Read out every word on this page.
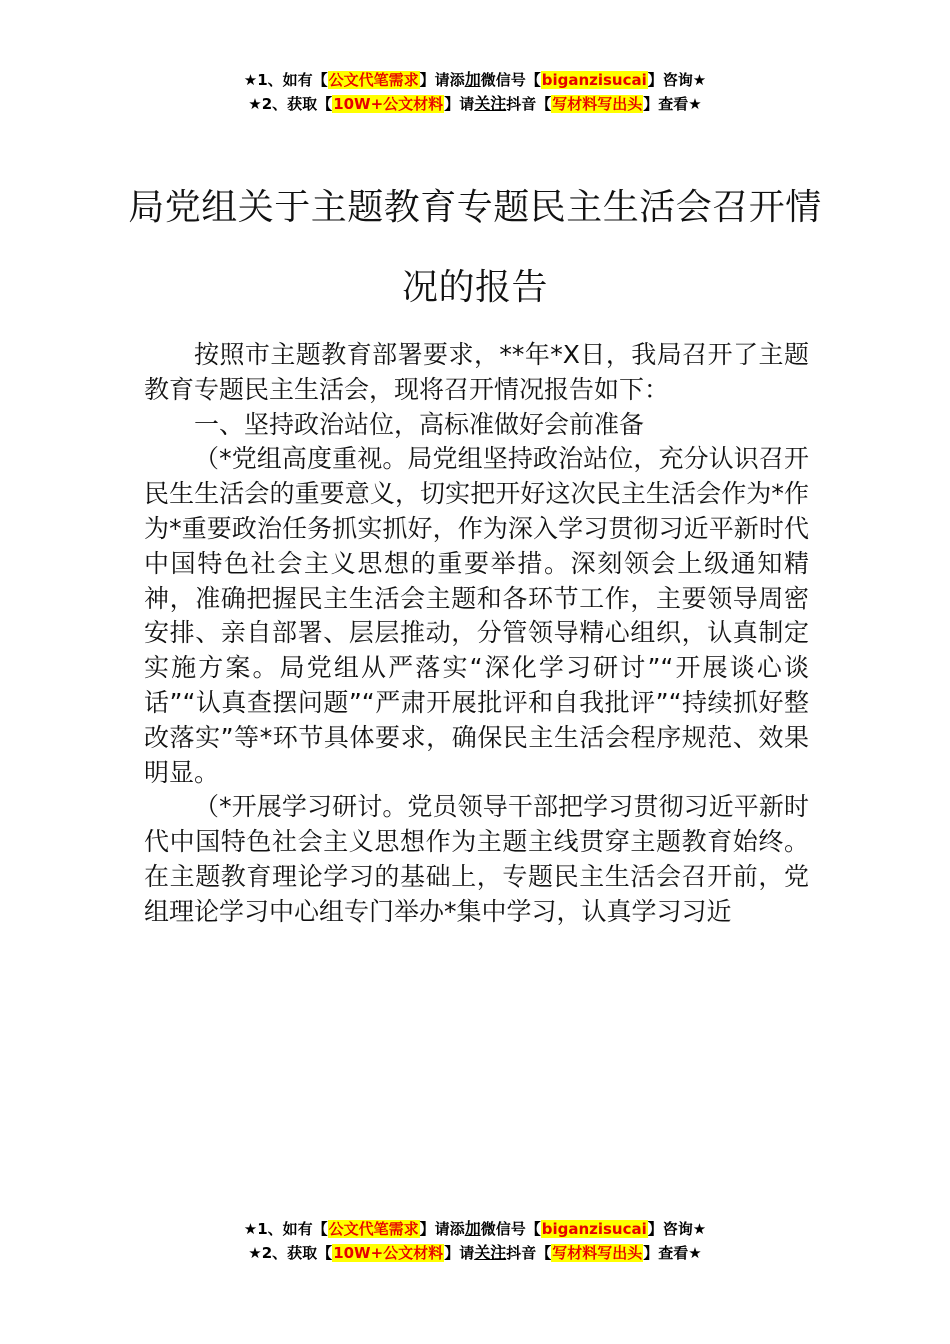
★1、如有【公文代笔需求】请添加微信号【biganzisucai】咨询★
★2、获取【10W+公文材料】请关注抖音【写材料写出头】查看★
局党组关于主题教育专题民主生活会召开情况的报告

按照市主题教育部署要求，**年*X日，我局召开了主题教育专题民主生活会，现将召开情况报告如下：

一、坚持政治站位，高标准做好会前准备

（*党组高度重视。局党组坚持政治站位，充分认识召开民生生活会的重要意义，切实把开好这次民主生活会作为*作为*重要政治任务抓实抓好，作为深入学习贯彻习近平新时代中国特色社会主义思想的重要举措。深刻领会上级通知精神，准确把握民主生活会主题和各环节工作，主要领导周密安排、亲自部署、层层推动，分管领导精心组织，认真制定实施方案。局党组从严落实“深化学习研讨”“开展谈心谈话”“认真查摆问题”“严肃开展批评和自我批评”“持续抓好整改落实”等*环节具体要求，确保民主生活会程序规范、效果明显。

（*开展学习研讨。党员领导干部把学习贯彻习近平新时代中国特色社会主义思想作为主题主线贯穿主题教育始终。在主题教育理论学习的基础上，专题民主生活会召开前，党组理论学习中心组专门举办*集中学习，认真学习习近

★1、如有【公文代笔需求】请添加微信号【biganzisucai】咨询★
★2、获取【10W+公文材料】请关注抖音【写材料写出头】查看★
